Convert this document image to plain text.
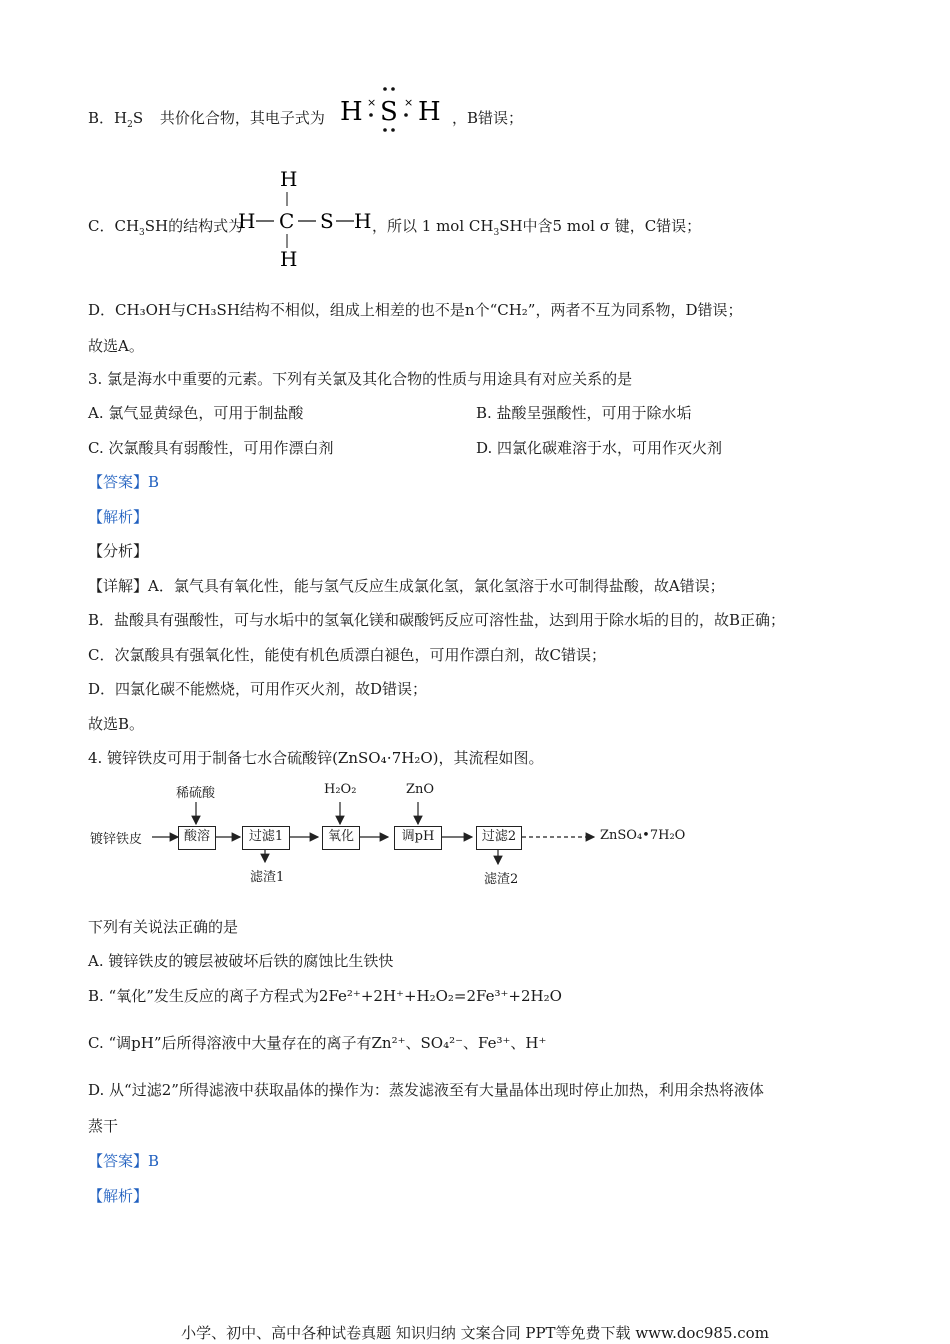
B．$H_2S$ 共价化合物，其电子式为 H × S × H ，B错误；
C．$CH_3SH$的结构式为
H
H C S H
H
，所以 1 mol $CH_3SH$中含5 mol σ 键，C错误；
D．CH₃OH与CH₃SH结构不相似，组成上相差的也不是n个“CH₂”，两者不互为同系物，D错误；
故选A。
3. 氯是海水中重要的元素。下列有关氯及其化合物的性质与用途具有对应关系的是
A. 氯气显黄绿色，可用于制盐酸	B. 盐酸呈强酸性，可用于除水垢
C. 次氯酸具有弱酸性，可用作漂白剂	D. 四氯化碳难溶于水，可用作灭火剂
【答案】B
【解析】
【分析】
【详解】A．氯气具有氧化性，能与氢气反应生成氯化氢，氯化氢溶于水可制得盐酸，故A错误；
B．盐酸具有强酸性，可与水垢中的氢氧化镁和碳酸钙反应可溶性盐，达到用于除水垢的目的，故B正确；
C．次氯酸具有强氧化性，能使有机色质漂白褪色，可用作漂白剂，故C错误；
D．四氯化碳不能燃烧，可用作灭火剂，故D错误；
故选B。
4. 镀锌铁皮可用于制备七水合硫酸锌(ZnSO₄⋅7H₂O)，其流程如图。
镀锌铁皮
稀硫酸	H₂O₂	ZnO
酸溶	过滤1	氧化	调pH	过滤2
滤渣1	滤渣2
ZnSO₄•7H₂O
下列有关说法正确的是
A. 镀锌铁皮的镀层被破坏后铁的腐蚀比生铁快
B. “氧化”发生反应的离子方程式为2Fe²⁺+2H⁺+H₂O₂=2Fe³⁺+2H₂O
C. “调pH”后所得溶液中大量存在的离子有Zn²⁺、SO₄²⁻、Fe³⁺、H⁺
D. 从“过滤2”所得滤液中获取晶体的操作为：蒸发滤液至有大量晶体出现时停止加热，利用余热将液体
蒸干
【答案】B
【解析】
小学、初中、高中各种试卷真题 知识归纳 文案合同 PPT等免费下载 www.doc985.com
